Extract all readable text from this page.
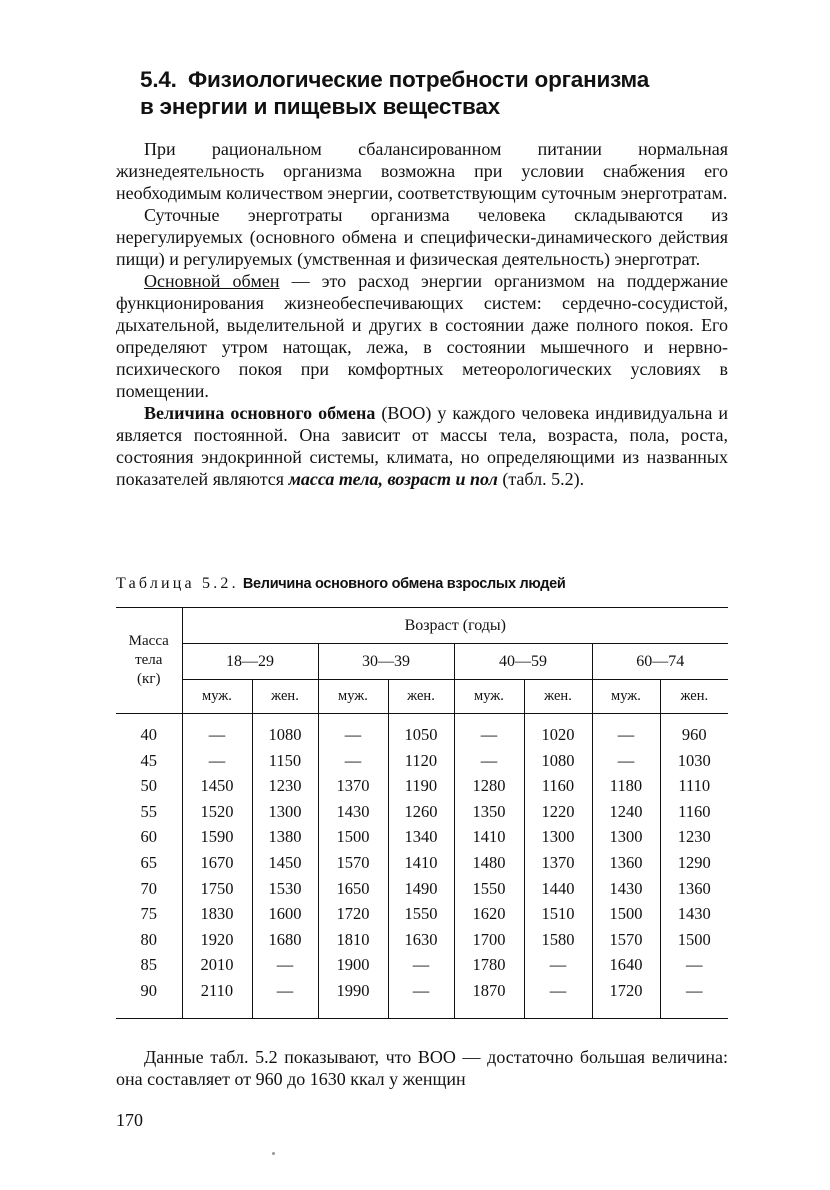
5.4. Физиологические потребности организма
в энергии и пищевых веществах

При рациональном сбалансированном питании нормальная жизнедеятельность организма возможна при условии снабжения его необходимым количеством энергии, соответствующим суточным энерготратам.

Суточные энерготраты организма человека складываются из нерегулируемых (основного обмена и специфически-динамического действия пищи) и регулируемых (умственная и физическая деятельность) энерготрат.

Основной обмен — это расход энергии организмом на поддержание функционирования жизнеобеспечивающих систем: сердечно-сосудистой, дыхательной, выделительной и других в состоянии даже полного покоя. Его определяют утром натощак, лежа, в состоянии мышечного и нервно-психического покоя при комфортных метеорологических условиях в помещении.

Величина основного обмена (ВОО) у каждого человека индивидуальна и является постоянной. Она зависит от массы тела, возраста, пола, роста, состояния эндокринной системы, климата, но определяющими из названных показателей являются масса тела, возраст и пол (табл. 5.2).

Таблица 5.2. Величина основного обмена взрослых людей
Масса
тела
(кг)	Возраст (годы)							
	18—29		30—39		40—59		60—74	
	муж.	жен.	муж.	жен.	муж.	жен.	муж.	жен.
40	—	1080	—	1050	—	1020	—	960
45	—	1150	—	1120	—	1080	—	1030
50	1450	1230	1370	1190	1280	1160	1180	1110
55	1520	1300	1430	1260	1350	1220	1240	1160
60	1590	1380	1500	1340	1410	1300	1300	1230
65	1670	1450	1570	1410	1480	1370	1360	1290
70	1750	1530	1650	1490	1550	1440	1430	1360
75	1830	1600	1720	1550	1620	1510	1500	1430
80	1920	1680	1810	1630	1700	1580	1570	1500
85	2010	—	1900	—	1780	—	1640	—
90	2110	—	1990	—	1870	—	1720	—

Данные табл. 5.2 показывают, что ВОО — достаточно большая величина: она составляет от 960 до 1630 ккал у женщин

170
